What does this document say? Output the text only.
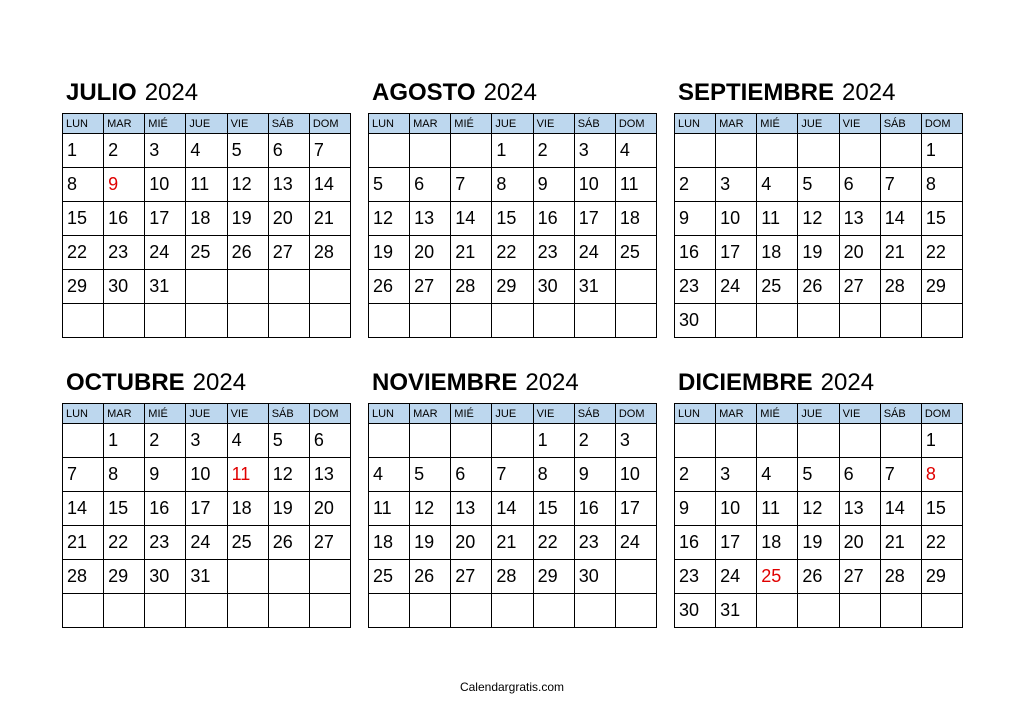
JULIO 2024
LUN	MAR	MIÉ	JUE	VIE	SÁB	DOM
1	2	3	4	5	6	7
8	9	10	11	12	13	14
15	16	17	18	19	20	21
22	23	24	25	26	27	28
29	30	31				

AGOSTO 2024
LUN	MAR	MIÉ	JUE	VIE	SÁB	DOM
			1	2	3	4
5	6	7	8	9	10	11
12	13	14	15	16	17	18
19	20	21	22	23	24	25
26	27	28	29	30	31	

SEPTIEMBRE 2024
LUN	MAR	MIÉ	JUE	VIE	SÁB	DOM
						1
2	3	4	5	6	7	8
9	10	11	12	13	14	15
16	17	18	19	20	21	22
23	24	25	26	27	28	29
30						
OCTUBRE 2024
LUN	MAR	MIÉ	JUE	VIE	SÁB	DOM
	1	2	3	4	5	6
7	8	9	10	11	12	13
14	15	16	17	18	19	20
21	22	23	24	25	26	27
28	29	30	31			

NOVIEMBRE 2024
LUN	MAR	MIÉ	JUE	VIE	SÁB	DOM
				1	2	3
4	5	6	7	8	9	10
11	12	13	14	15	16	17
18	19	20	21	22	23	24
25	26	27	28	29	30	

DICIEMBRE 2024
LUN	MAR	MIÉ	JUE	VIE	SÁB	DOM
						1
2	3	4	5	6	7	8
9	10	11	12	13	14	15
16	17	18	19	20	21	22
23	24	25	26	27	28	29
30	31					
Calendargratis.com
